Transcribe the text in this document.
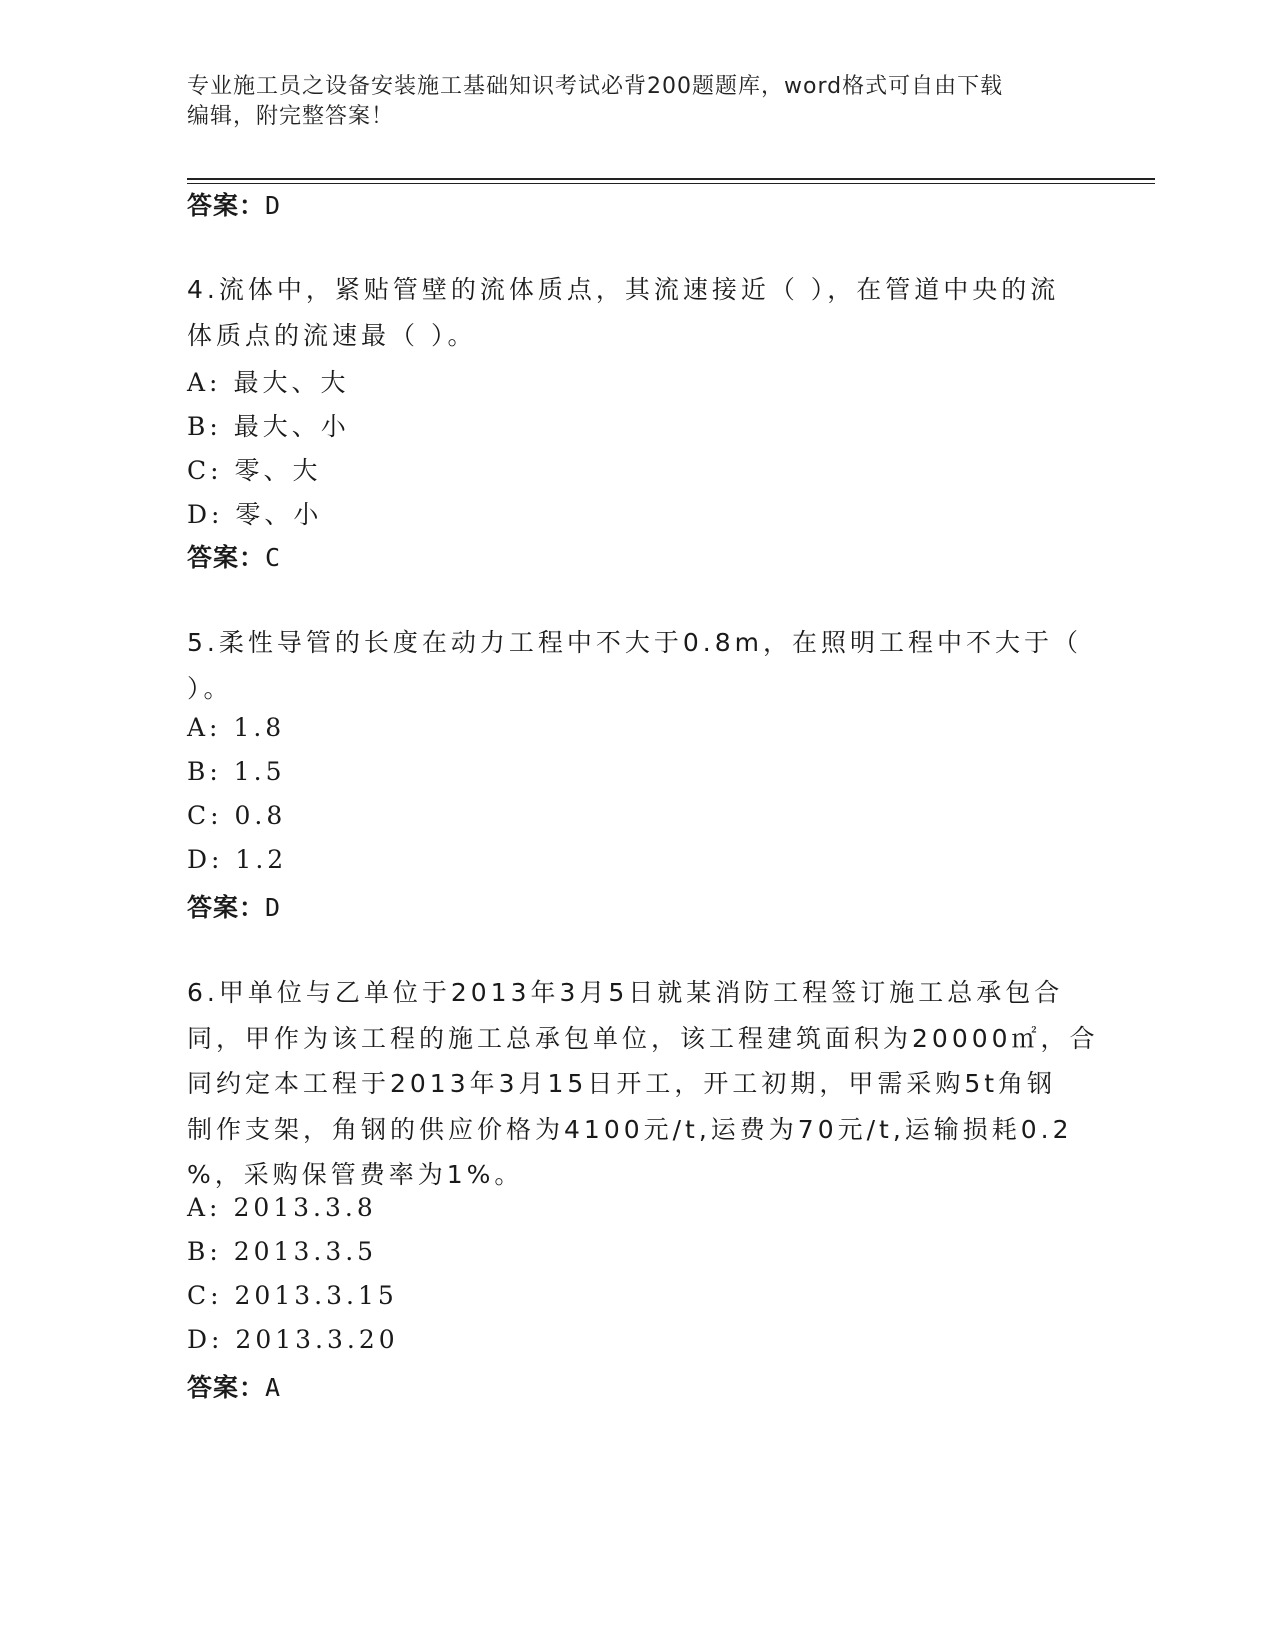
专业施工员之设备安装施工基础知识考试必背200题题库，word格式可自由下载
编辑，附完整答案！
答案：D
4.流体中，紧贴管壁的流体质点，其流速接近（ ），在管道中央的流
体质点的流速最（ ）。
A: 最大、大
B: 最大、小
C: 零、大
D: 零、小
答案：C
5.柔性导管的长度在动力工程中不大于0.8m，在照明工程中不大于（
）。
A: 1.8
B: 1.5
C: 0.8
D: 1.2
答案：D
6.甲单位与乙单位于2013年3月5日就某消防工程签订施工总承包合
同，甲作为该工程的施工总承包单位，该工程建筑面积为20000㎡，合
同约定本工程于2013年3月15日开工，开工初期，甲需采购5t角钢
制作支架，角钢的供应价格为4100元/t,运费为70元/t,运输损耗0.2
%，采购保管费率为1%。
A: 2013.3.8
B: 2013.3.5
C: 2013.3.15
D: 2013.3.20
答案：A
